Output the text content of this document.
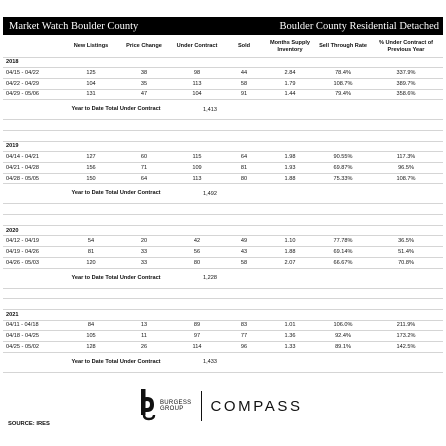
Market Watch Boulder County	Boulder County Residential Detached
	New Listings	Price Change	Under Contract	Sold	Months Supply Inventory	Sell Through Rate	% Under Contract of Previous Year
2018							
04/15 - 04/22	125	38	98	44	2.84	78.4%	337.9%
04/22 - 04/29	104	35	113	58	1.79	108.7%	389.7%
04/29 - 05/06	131	47	104	91	1.44	79.4%	358.6%
	Year to Date Total Under Contract		1,413				

2019							
04/14 - 04/21	127	60	115	64	1.98	90.55%	117.3%
04/21 - 04/28	156	71	109	81	1.93	69.87%	96.5%
04/28 - 05/05	150	64	113	80	1.88	75.33%	108.7%
	Year to Date Total Under Contract		1,492				

2020							
04/12 - 04/19	54	20	42	49	1.10	77.78%	36.5%
04/19 - 04/26	81	33	56	43	1.88	69.14%	51.4%
04/26 - 05/03	120	33	80	58	2.07	66.67%	70.8%
	Year to Date Total Under Contract		1,228				

2021							
04/11 - 04/18	84	13	89	83	1.01	106.0%	211.9%
04/18 - 04/25	105	11	97	77	1.36	92.4%	173.2%
04/25 - 05/02	128	26	114	96	1.33	89.1%	142.5%
	Year to Date Total Under Contract		1,433				
BURGESS
GROUP	COMPASS
SOURCE: IRES
